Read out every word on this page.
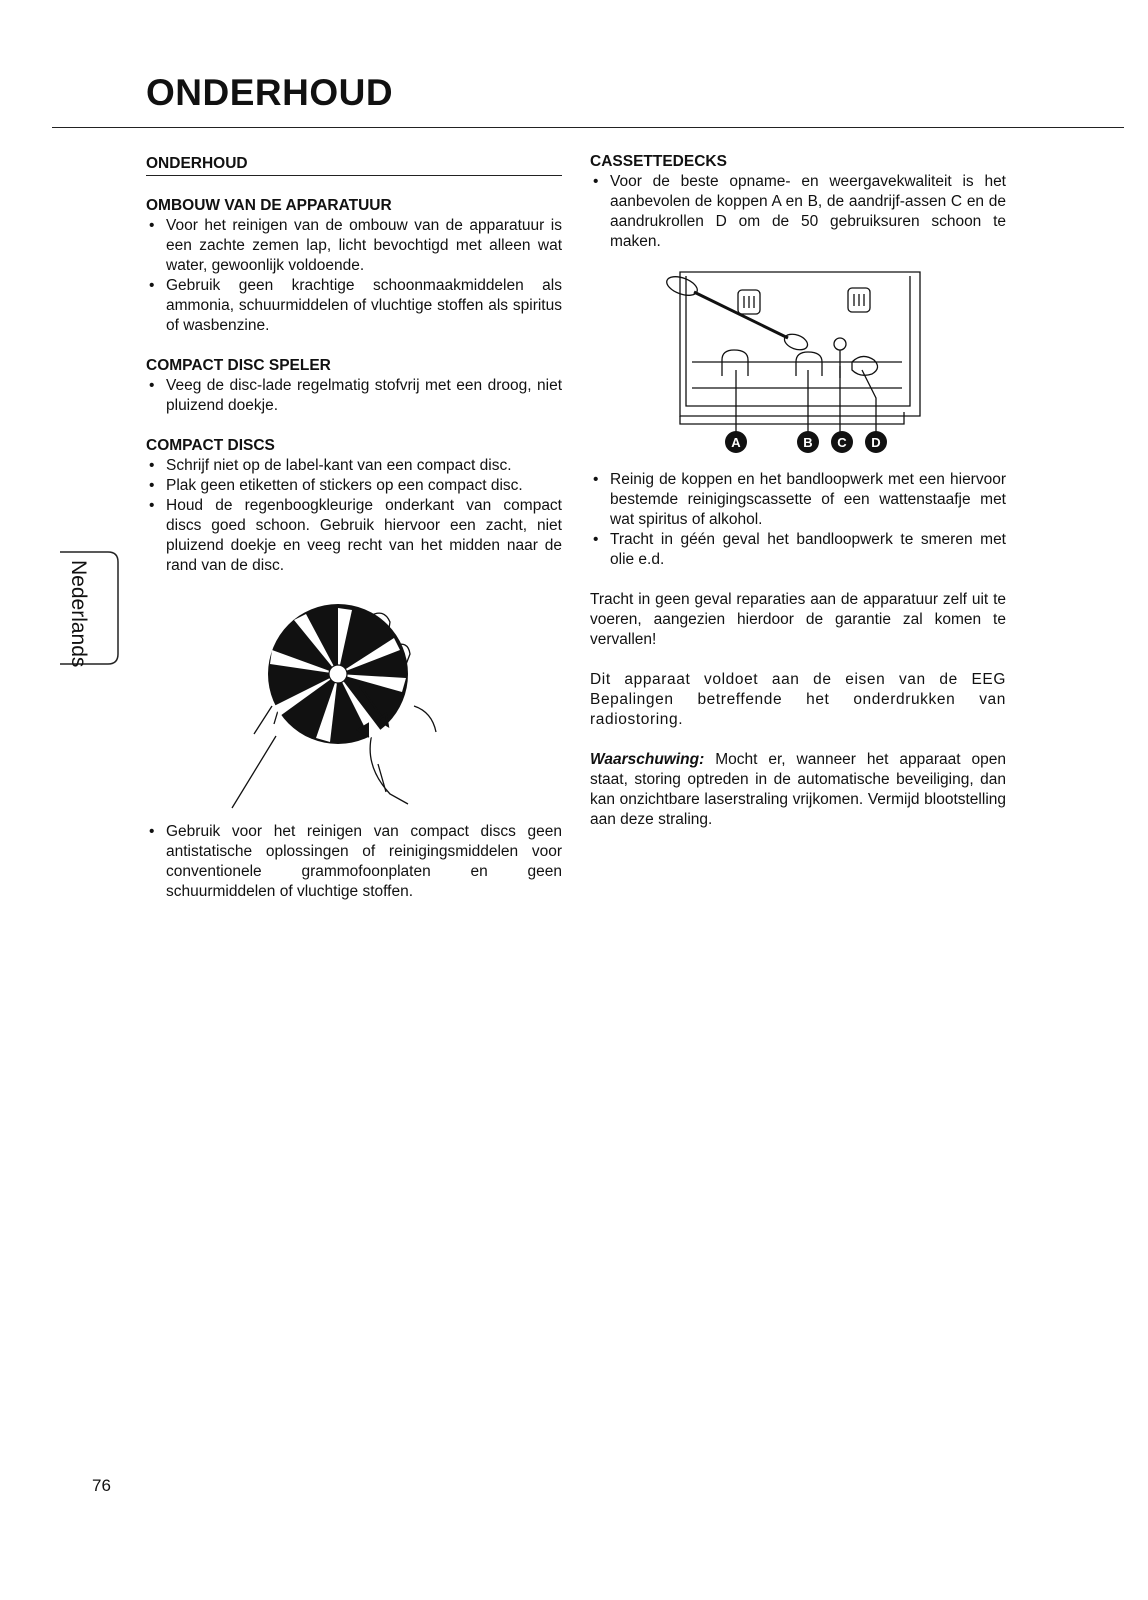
ONDERHOUD
Nederlands
ONDERHOUD
OMBOUW VAN DE APPARATUUR
• Voor het reinigen van de ombouw van de apparatuur is een zachte zemen lap, licht bevochtigd met alleen wat water, gewoonlijk voldoende.
• Gebruik geen krachtige schoonmaakmiddelen als ammonia, schuurmiddelen of vluchtige stoffen als spiritus of wasbenzine.
COMPACT DISC SPELER
• Veeg de disc-lade regelmatig stofvrij met een droog, niet pluizend doekje.
COMPACT DISCS
• Schrijf niet op de label-kant van een compact disc.
• Plak geen etiketten of stickers op een compact disc.
• Houd de regenboogkleurige onderkant van compact discs goed schoon. Gebruik hiervoor een zacht, niet pluizend doekje en veeg recht van het midden naar de rand van de disc.
• Gebruik voor het reinigen van compact discs geen antistatische oplossingen of reinigingsmiddelen voor conventionele grammofoonplaten en geen schuurmiddelen of vluchtige stoffen.
CASSETTEDECKS
• Voor de beste opname- en weergavekwaliteit is het aanbevolen de koppen A en B, de aandrijf-assen C en de aandrukrollen D om de 50 gebruiksuren schoon te maken.
A	B C D
• Reinig de koppen en het bandloopwerk met een hiervoor bestemde reinigingscassette of een wattenstaafje met wat spiritus of alkohol.
• Tracht in géén geval het bandloopwerk te smeren met olie e.d.

Tracht in geen geval reparaties aan de apparatuur zelf uit te voeren, aangezien hierdoor de garantie zal komen te vervallen!

Dit apparaat voldoet aan de eisen van de EEG Bepalingen betreffende het onderdrukken van radiostoring.

Waarschuwing: Mocht er, wanneer het apparaat open staat, storing optreden in de automatische beveiliging, dan kan onzichtbare laserstraling vrijkomen. Vermijd blootstelling aan deze straling.

76
